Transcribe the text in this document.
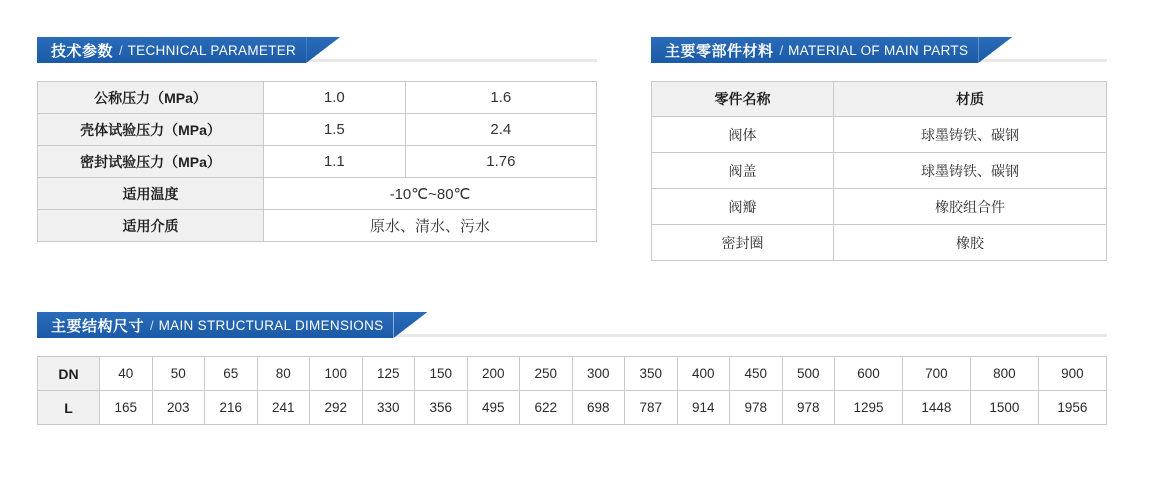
技术参数 / TECHNICAL PARAMETER
公称压力（MPa）	1.0	1.6
壳体试验压力（MPa）	1.5	2.4
密封试验压力（MPa）	1.1	1.76
适用温度	-10℃~80℃	
适用介质	原水、清水、污水	
主要零部件材料 / MATERIAL OF MAIN PARTS
零件名称	材质
阀体	球墨铸铁、碳钢
阀盖	球墨铸铁、碳钢
阀瓣	橡胶组合件
密封圈	橡胶
主要结构尺寸 / MAIN STRUCTURAL DIMENSIONS
DN	40	50	65	80	100	125	150	200	250	300	350	400	450	500	600	700	800	900
L	165	203	216	241	292	330	356	495	622	698	787	914	978	978	1295	1448	1500	1956
